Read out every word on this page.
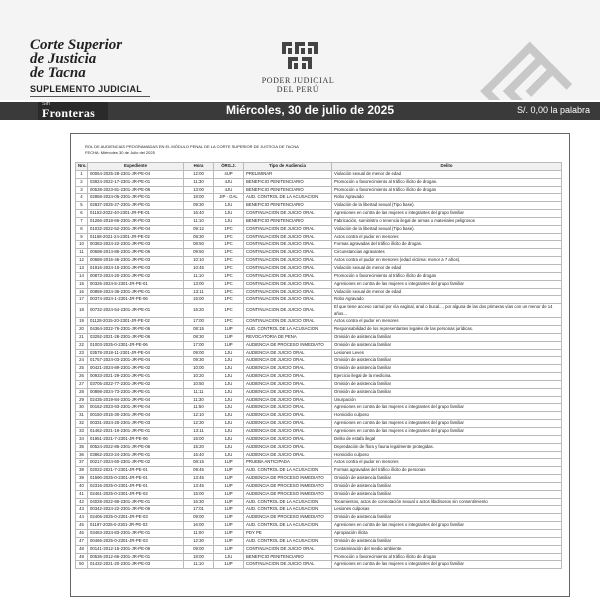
Corte Superior
de Justicia
de Tacna
SUPLEMENTO JUDICIAL
PODER JUDICIAL
DEL PERÚ
Sin
Fronteras	Miércoles, 30 de julio de 2025	S/. 0,00 la palabra
ROL DE AUDIENCIAS PROGRAMADAS EN EL MÓDULO PENAL DE LA CORTE SUPERIOR DE JUSTICIA DE TACNA
FECHA: Miércoles 30 de Julio del 2025
Nro.	Expediente	Hora	ÓRG.J.	Tipo de Audiencia	Delito
1	00064-2025-28-2301-JR-PE-04	12:00	4UP	PRELIMINAR	Violación sexual de menor de edad
2	03924-2022-17-2301-JR-PE-01	11:30	4JU	BENEFICIO PENITENCIARIO	Promoción o favorecimiento al tráfico ilícito de drogas.
3	00538-2023-81-2301-JR-PE-06	13:00	4JU	BENEFICIO PENITENCIARIO	Promoción o favorecimiento al tráfico ilícito de drogas
4	02858-2024-05-2301-JR-PE-01	18:00	JIP - GAL	AUD. CONTROL DE LA ACUSACION	Robo Agravado
5	02837-2025-27-2301-JR-PE-01	09:30	1JU	BENEFICIO PENITENCIARIO	Violación de la libertad sexual (Tipo base).
6	01153-2022-40-2301-JR-PE-01	16:40	1JU	CONTINUACION DE JUICIO ORAL	Agresiones en contra de las mujeres o integrantes del grupo familiar
7	01266-2018-66-2301-JR-PE-03	11:10	1JU	BENEFICIO PENITENCIARIO	Fabricación, suministro o tenencia ilegal de armas o materiales peligrosos
8	01032-2022-52-2301-JR-PE-04	09:12	1PC	CONTINUACION DE JUICIO ORAL	Violación de la libertad sexual (Tipo base).
9	01158-2021-24-2301-JR-PE-02	08:30	1PC	CONTINUACION DE JUICIO ORAL	Actos contra el pudor en menores
10	00383-2024-22-2301-JR-PE-03	08:50	1PC	CONTINUACION DE JUICIO ORAL	Formas agravadas del tráfico ilícito de drogas.
11	00698-2014-86-2301-JR-PE-06	09:50	1PC	CONTINUACION DE JUICIO ORAL	Circunstancias agravantes
12	00688-2016-46-2301-JR-PE-03	10:10	1PC	CONTINUACION DE JUICIO ORAL	Actos contra el pudor en menores (edad víctima: menor a 7 años).
13	01916-2024-15-2301-JR-PE-03	10:45	1PC	CONTINUACION DE JUICIO ORAL	Violación sexual de menor de edad
14	00873-2024-20-2301-JR-PE-02	11:10	1PC	CONTINUACION DE JUICIO ORAL	Promoción o favorecimiento al tráfico ilícito de drogas
15	00326-2024-5-2301-JR-PE-01	13:00	1PC	CONTINUACION DE JUICIO ORAL	Agresiones en contra de las mujeres o integrantes del grupo familiar
16	00859-2024-36-2301-JR-PE-01	13:11	1PC	CONTINUACION DE JUICIO ORAL	Violación sexual de menor de edad
17	00374-2024-1-2301-JR-PE-06	15:00	1PC	CONTINUACION DE JUICIO ORAL	Robo Agravado
18	00732-2024-54-2301-JR-PE-01	16:20	1PC	CONTINUACION DE JUICIO ORAL	El que tiene acceso carnal por vía vaginal, anal o bucal..., por alguna de las dos primeras vías con un menor de 14 años...
19	01128-2015-20-2301-JR-PE-02	17:00	1PC	CONTINUACION DE JUICIO ORAL	Actos contra el pudor en menores
20	04364-2022-76-2301-JR-PE-06	08:15	1UP	AUD. CONTROL DE LA ACUSACION	Responsabilidad de los representantes legales de las personas jurídicas.
21	03292-2021-28-2301-JR-PE-06	08:30	1UP	REVOCATORIA DE PENA	Omisión de asistencia familiar
22	01003-2025-0-2301-JR-PE-06	17:00	1UP	AUDIENCIA DE PROCESO INMEDIATO	Omisión de asistencia familiar
23	03578-2018-11-2301-JR-PE-04	09:00	1JU	AUDIENCIA DE JUICIO ORAL	Lesiones Leves
24	01757-2024-03-2301-JR-PE-04	09:30	1JU	AUDIENCIA DE JUICIO ORAL	Omisión de asistencia familiar
25	00421-2024-89-2301-JR-PE-02	10:00	1JU	AUDIENCIA DE JUICIO ORAL	Omisión de asistencia familiar
26	00933-2021-29-2301-JR-PE-01	10:20	1JU	AUDIENCIA DE JUICIO ORAL	Ejercicio ilegal de la medicina.
27	03705-2022-77-2301-JR-PE-02	10:50	1JU	AUDIENCIA DE JUICIO ORAL	Omisión de asistencia familiar
28	00898-2024-73-2301-JR-PE-01	11:11	1JU	AUDIENCIA DE JUICIO ORAL	Omisión de asistencia familiar
29	02435-2019-84-2301-JR-PE-04	11:30	1JU	AUDIENCIA DE JUICIO ORAL	Usurpación
30	00162-2023-93-2301-JR-PE-04	11:50	1JU	AUDIENCIA DE JUICIO ORAL	Agresiones en contra de las mujeres o integrantes del grupo familiar
31	00150-2015-30-2301-JR-PE-04	12:10	1JU	AUDIENCIA DE JUICIO ORAL	Homicidio culposo
32	00331-2024-25-2301-JR-PE-03	12:30	1JU	AUDIENCIA DE JUICIO ORAL	Agresiones en contra de las mujeres o integrantes del grupo familiar
33	01462-2021-19-2301-JR-PE-01	13:11	1JU	AUDIENCIA DE JUICIO ORAL	Agresiones en contra de las mujeres o integrantes del grupo familiar
34	01951-2021-7-2301-JR-PE-06	15:00	1JU	AUDIENCIA DE JUICIO ORAL	Delito de estafa ilegal
35	00524-2022-86-2301-JR-PE-06	15:20	1JU	AUDIENCIA DE JUICIO ORAL	Depredación de flora y fauna legalmente protegidas.
36	03862-2023-24-2301-JR-PE-01	15:40	1JU	AUDIENCIA DE JUICIO ORAL	Homicidio culposo
37	00217-2024-60-2301-JR-PE-02	08:15	1UP	PRUEBA ANTICIPADA	Actos contra el pudor en menores
38	02022-2021-7-2301-JR-PE-01	09:45	1UP	AUD. CONTROL DE LA ACUSACION	Formas agravadas del tráfico ilícito de personas
39	01590-2025-0-2301-JR-PE-01	13:45	1UP	AUDIENCIA DE PROCESO INMEDIATO	Omisión de asistencia familiar
40	02316-2025-0-2301-JR-PE-01	13:45	1UP	AUDIENCIA DE PROCESO INMEDIATO	Omisión de asistencia familiar
41	02461-2025-0-2301-JR-PE-02	15:00	1UP	AUDIENCIA DE PROCESO INMEDIATO	Omisión de asistencia familiar
42	04028-2022-86-2301-JR-PE-01	16:30	1UP	AUD. CONTROL DE LA ACUSACION	Tocamientos, actos de connotación sexual o actos libidinosos sin consentimiento
43	00342-2024-22-2301-JR-PE-06	17:01	1UP	AUD. CONTROL DE LA ACUSACION	Lesiones culposas
44	02406-2025-0-2301-JR-PE-03	09:00	1UP	AUDIENCIA DE PROCESO INMEDIATO	Omisión de asistencia familiar
45	01197-2025-0-2301-JR-PE-03	16:00	1UP	AUD. CONTROL DE LA ACUSACION	Agresiones en contra de las mujeres o integrantes del grupo familiar
46	03463-2024-83-2301-JR-PE-01	11:00	1UP	PDY PE	Apropiación ilícita
47	00466-2025-0-2301-JR-PE-03	12:30	1UP	AUD. CONTROL DE LA ACUSACION	Omisión de asistencia familiar
48	00141-2012-15-2301-JR-PE-06	09:00	1UP	CONTINUACION DE JUICIO ORAL	Contaminación del medio ambiente.
49	00536-2012-66-2301-JR-PE-01	18:00	1JU	BENEFICIO PENITENCIARIO	Promoción o favorecimiento al tráfico ilícito de drogas
50	01432-2021-20-2301-JR-PE-03	11:10	1UP	CONTINUACION DE JUICIO ORAL	Agresiones en contra de las mujeres o integrantes del grupo familiar
